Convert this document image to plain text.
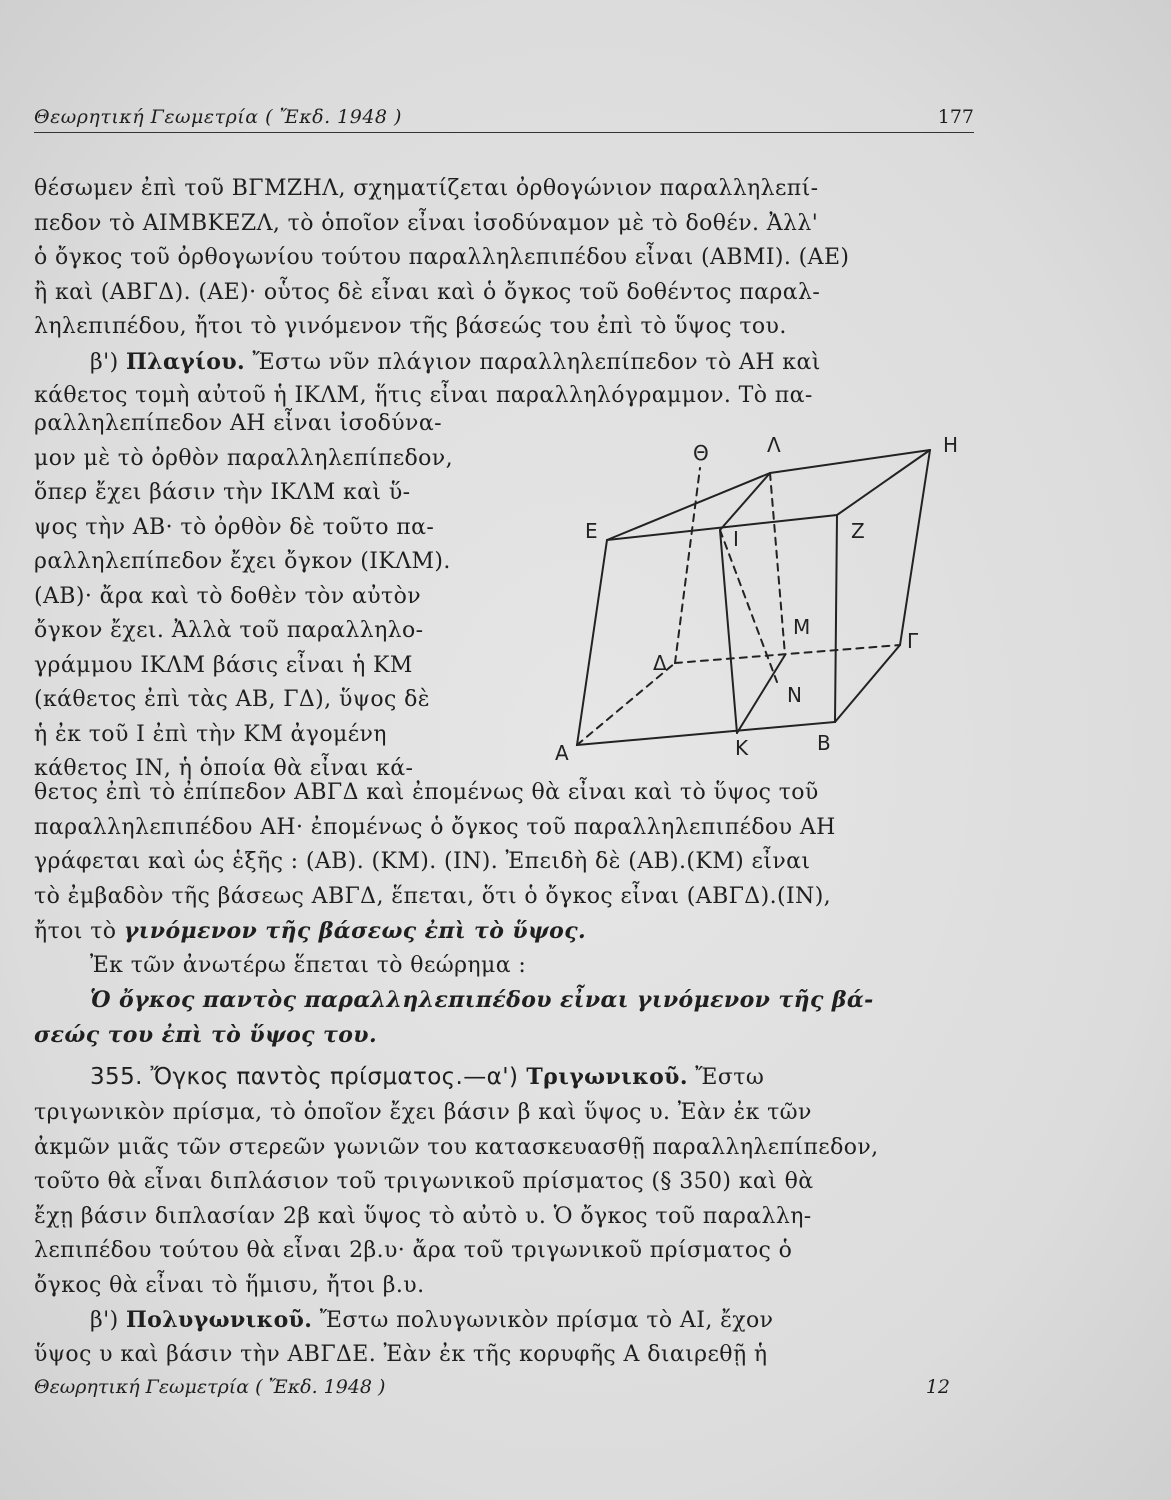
Θεωρητική Γεωμετρία ( Ἔκδ. 1948 )	177
θέσωμεν ἐπὶ τοῦ ΒΓΜΖΗΛ, σχηματίζεται ὀρθογώνιον παραλληλεπί-
πεδον τὸ ΑΙΜΒΚΕΖΛ, τὸ ὁποῖον εἶναι ἰσοδύναμον μὲ τὸ δοθέν. Ἀλλ'
ὁ ὄγκος τοῦ ὀρθογωνίου τούτου παραλληλεπιπέδου εἶναι (ΑΒΜΙ). (ΑΕ)
ἢ καὶ (ΑΒΓΔ). (ΑΕ)· οὗτος δὲ εἶναι καὶ ὁ ὄγκος τοῦ δοθέντος παραλ-
ληλεπιπέδου, ἤτοι τὸ γινόμενον τῆς βάσεώς του ἐπὶ τὸ ὕψος του.
β') Πλαγίου. Ἔστω νῦν πλάγιον παραλληλεπίπεδον τὸ ΑΗ καὶ
κάθετος τομὴ αὐτοῦ ἡ ΙΚΛΜ, ἥτις εἶναι παραλληλόγραμμον. Τὸ πα-
ραλληλεπίπεδον ΑΗ εἶναι ἰσοδύνα-
μον μὲ τὸ ὀρθὸν παραλληλεπίπεδον,
ὅπερ ἔχει βάσιν τὴν ΙΚΛΜ καὶ ὕ-
ψος τὴν ΑΒ· τὸ ὀρθὸν δὲ τοῦτο πα-
ραλληλεπίπεδον ἔχει ὄγκον (ΙΚΛΜ).
(ΑΒ)· ἄρα καὶ τὸ δοθὲν τὸν αὐτὸν
ὄγκον ἔχει. Ἀλλὰ τοῦ παραλληλο-
γράμμου ΙΚΛΜ βάσις εἶναι ἡ ΚΜ
(κάθετος ἐπὶ τὰς ΑΒ, ΓΔ), ὕψος δὲ
ἡ ἐκ τοῦ Ι ἐπὶ τὴν ΚΜ ἀγομένη
κάθετος ΙΝ, ἡ ὁποία θὰ εἶναι κά-
Α	Β
Γ
Δ
Ε	Ζ
Η
Θ
Ι
Κ
Λ
Μ
Ν
θετος ἐπὶ τὸ ἐπίπεδον ΑΒΓΔ καὶ ἐπομένως θὰ εἶναι καὶ τὸ ὕψος τοῦ
παραλληλεπιπέδου ΑΗ· ἐπομένως ὁ ὄγκος τοῦ παραλληλεπιπέδου ΑΗ
γράφεται καὶ ὡς ἑξῆς : (ΑΒ). (ΚΜ). (ΙΝ). Ἐπειδὴ δὲ (ΑΒ).(ΚΜ) εἶναι
τὸ ἐμβαδὸν τῆς βάσεως ΑΒΓΔ, ἕπεται, ὅτι ὁ ὄγκος εἶναι (ΑΒΓΔ).(ΙΝ),
ἤτοι τὸ γινόμενον τῆς βάσεως ἐπὶ τὸ ὕψος.
Ἐκ τῶν ἀνωτέρω ἕπεται τὸ θεώρημα :
Ὁ ὄγκος παντὸς παραλληλεπιπέδου εἶναι γινόμενον τῆς βά-
σεώς του ἐπὶ τὸ ὕψος του.
355. Ὄγκος παντὸς πρίσματος.—α') Τριγωνικοῦ. Ἔστω
τριγωνικὸν πρίσμα, τὸ ὁποῖον ἔχει βάσιν β καὶ ὕψος υ. Ἐὰν ἐκ τῶν
ἀκμῶν μιᾶς τῶν στερεῶν γωνιῶν του κατασκευασθῇ παραλληλεπίπεδον,
τοῦτο θὰ εἶναι διπλάσιον τοῦ τριγωνικοῦ πρίσματος (§ 350) καὶ θὰ
ἔχῃ βάσιν διπλασίαν 2β καὶ ὕψος τὸ αὐτὸ υ. Ὁ ὄγκος τοῦ παραλλη-
λεπιπέδου τούτου θὰ εἶναι 2β.υ· ἄρα τοῦ τριγωνικοῦ πρίσματος ὁ
ὄγκος θὰ εἶναι τὸ ἥμισυ, ἤτοι β.υ.
β') Πολυγωνικοῦ. Ἔστω πολυγωνικὸν πρίσμα τὸ ΑΙ, ἔχον
ὕψος υ καὶ βάσιν τὴν ΑΒΓΔΕ. Ἐὰν ἐκ τῆς κορυφῆς Α διαιρεθῇ ἡ
Θεωρητική Γεωμετρία ( Ἔκδ. 1948 )	12
